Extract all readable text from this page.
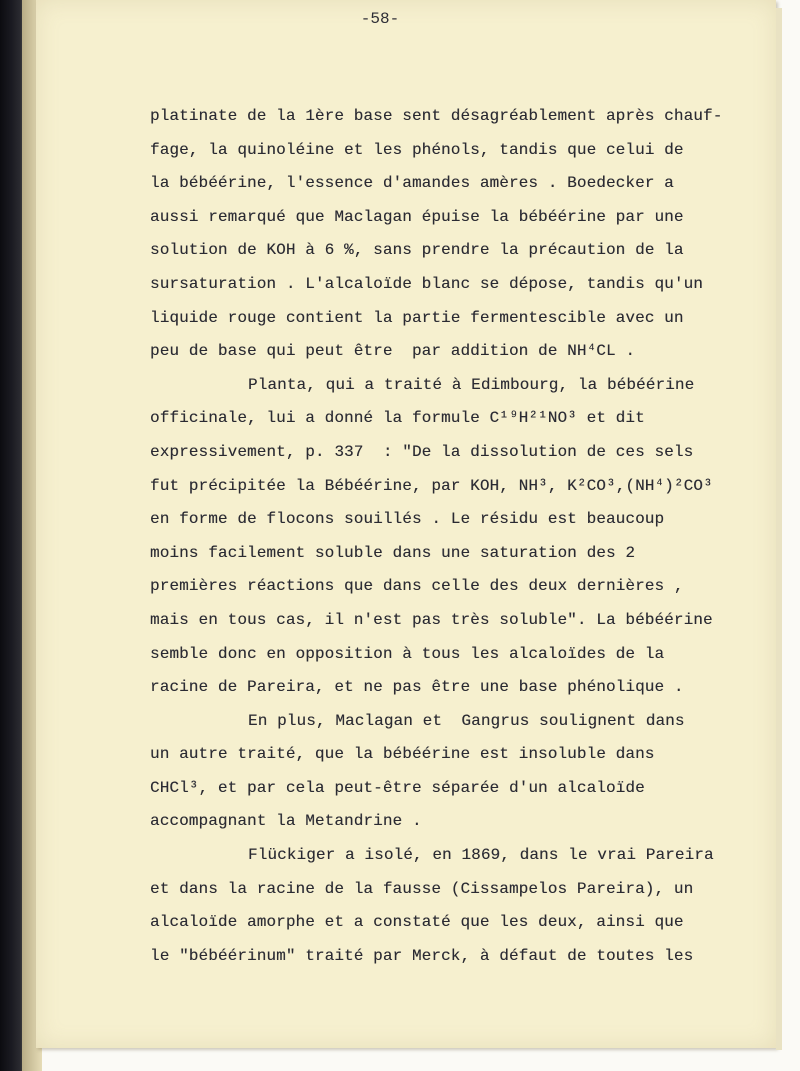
-58-

platinate de la 1ère base sent désagréablement après chauf-
fage, la quinoléine et les phénols, tandis que celui de
la bébéérine, l'essence d'amandes amères . Boedecker a
aussi remarqué que Maclagan épuise la bébéérine par une
solution de KOH à 6 %, sans prendre la précaution de la
sursaturation . L'alcaloïde blanc se dépose, tandis qu'un
liquide rouge contient la partie fermentescible avec un
peu de base qui peut être  par addition de NH⁴CL .
Planta, qui a traité à Edimbourg, la bébéérine
officinale, lui a donné la formule C¹⁹H²¹NO³ et dit
expressivement, p. 337  : "De la dissolution de ces sels
fut précipitée la Bébéérine, par KOH, NH³, K²CO³,(NH⁴)²CO³
en forme de flocons souillés . Le résidu est beaucoup
moins facilement soluble dans une saturation des 2
premières réactions que dans celle des deux dernières ,
mais en tous cas, il n'est pas très soluble". La bébéérine
semble donc en opposition à tous les alcaloïdes de la
racine de Pareira, et ne pas être une base phénolique .
En plus, Maclagan et  Gangrus soulignent dans
un autre traité, que la bébéérine est insoluble dans
CHCl³, et par cela peut-être séparée d'un alcaloïde
accompagnant la Metandrine .
Flückiger a isolé, en 1869, dans le vrai Pareira
et dans la racine de la fausse (Cissampelos Pareira), un
alcaloïde amorphe et a constaté que les deux, ainsi que
le "bébéérinum" traité par Merck, à défaut de toutes les
